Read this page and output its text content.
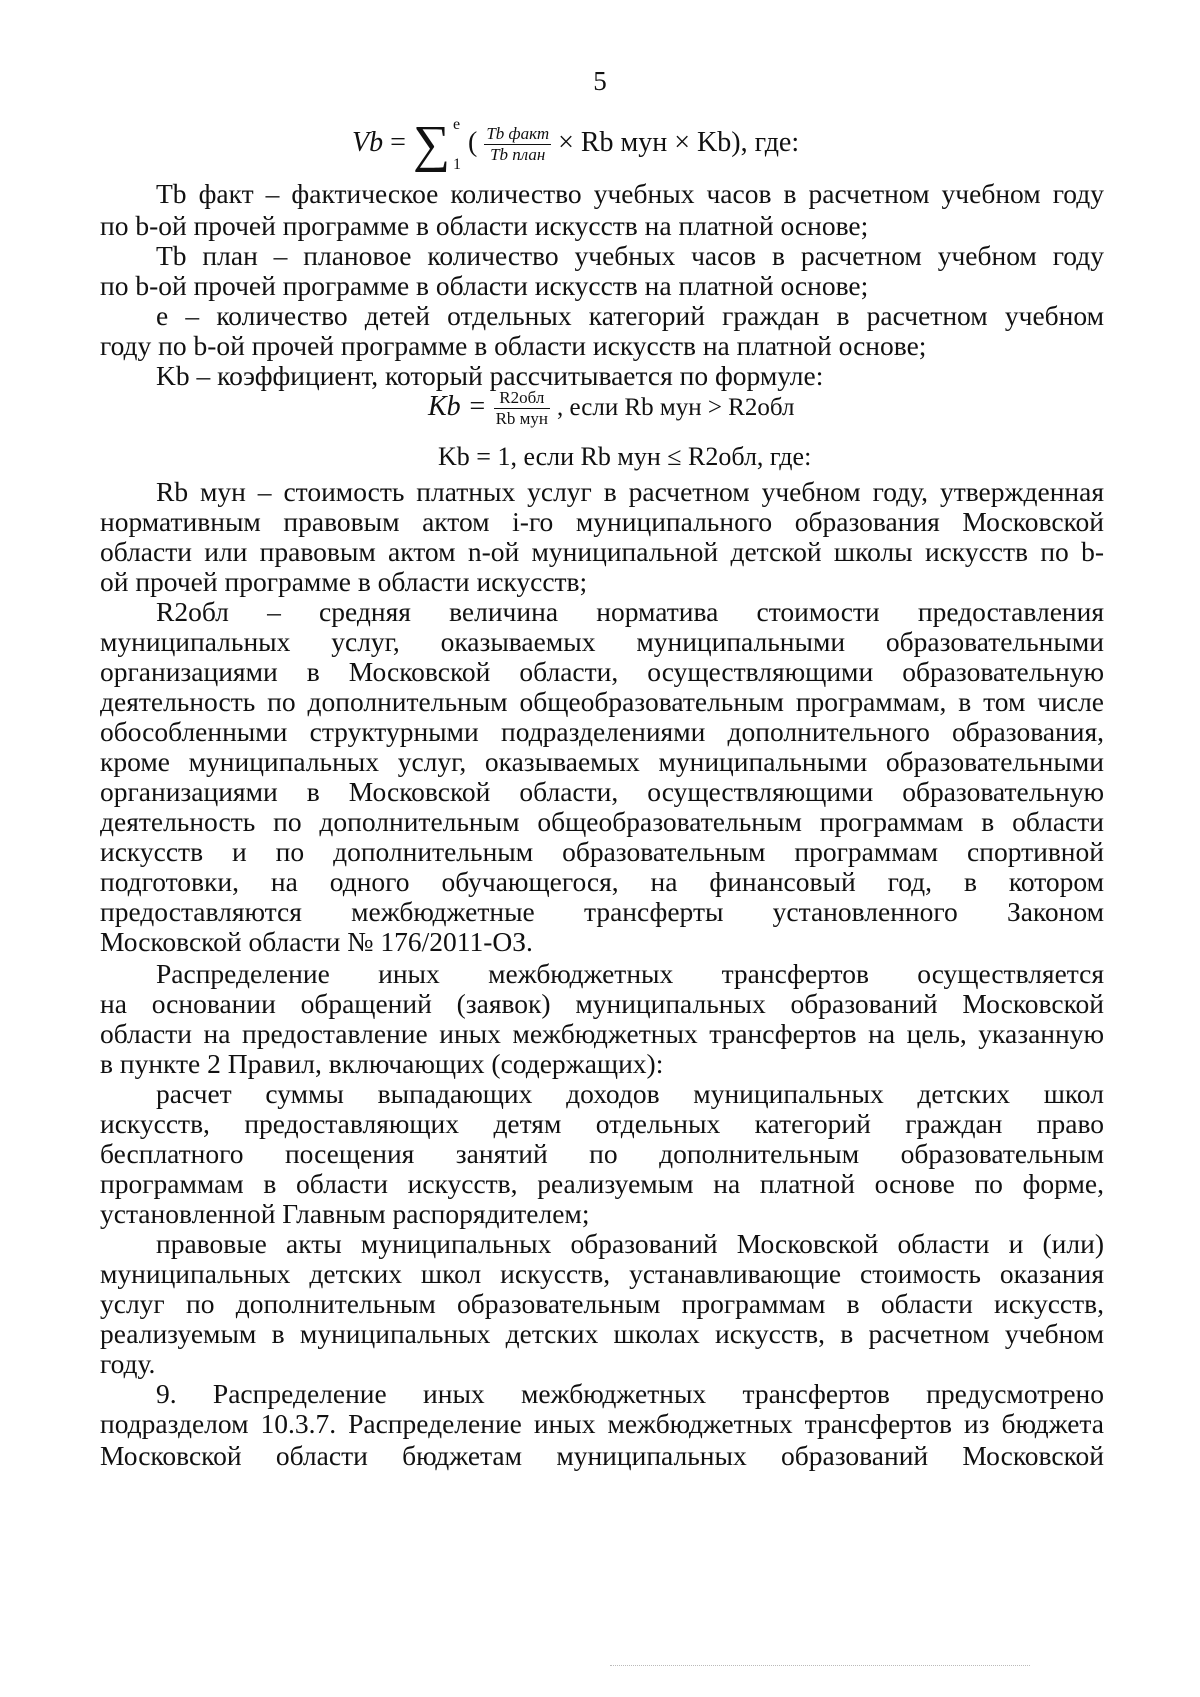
5
Vb = ∑ e
1
( $\frac{\text{Tb факт}}{\text{Tb план}} \times Rb$ мун × Kb), где:
Tb факт – фактическое количество учебных часов в расчетном учебном году
по b-ой прочей программе в области искусств на платной основе;
Tb план – плановое количество учебных часов в расчетном учебном году
по b-ой прочей программе в области искусств на платной основе;
е – количество детей отдельных категорий граждан в расчетном учебном
году по b-ой прочей программе в области искусств на платной основе;
Kb – коэффициент, который рассчитывается по формуле:
$Kb = \frac{\text{R2обл}}{\text{Rb мун}}$ , если Rb мун > R2обл
Kb = 1, если Rb мун ≤ R2обл, где:
Rb мун – стоимость платных услуг в расчетном учебном году, утвержденная
нормативным правовым актом i-го муниципального образования Московской
области или правовым актом n-ой муниципальной детской школы искусств по b-
ой прочей программе в области искусств;
R2обл – средняя величина норматива стоимости предоставления
муниципальных услуг, оказываемых муниципальными образовательными
организациями в Московской области, осуществляющими образовательную
деятельность по дополнительным общеобразовательным программам, в том числе
обособленными структурными подразделениями дополнительного образования,
кроме муниципальных услуг, оказываемых муниципальными образовательными
организациями в Московской области, осуществляющими образовательную
деятельность по дополнительным общеобразовательным программам в области
искусств и по дополнительным образовательным программам спортивной
подготовки, на одного обучающегося, на финансовый год, в котором
предоставляются межбюджетные трансферты установленного Законом
Московской области № 176/2011-ОЗ.
Распределение иных межбюджетных трансфертов осуществляется
на основании обращений (заявок) муниципальных образований Московской
области на предоставление иных межбюджетных трансфертов на цель, указанную
в пункте 2 Правил, включающих (содержащих):
расчет суммы выпадающих доходов муниципальных детских школ
искусств, предоставляющих детям отдельных категорий граждан право
бесплатного посещения занятий по дополнительным образовательным
программам в области искусств, реализуемым на платной основе по форме,
установленной Главным распорядителем;
правовые акты муниципальных образований Московской области и (или)
муниципальных детских школ искусств, устанавливающие стоимость оказания
услуг по дополнительным образовательным программам в области искусств,
реализуемым в муниципальных детских школах искусств, в расчетном учебном
году.
9. Распределение иных межбюджетных трансфертов предусмотрено
подразделом 10.3.7. Распределение иных межбюджетных трансфертов из бюджета
Московской области бюджетам муниципальных образований Московской
